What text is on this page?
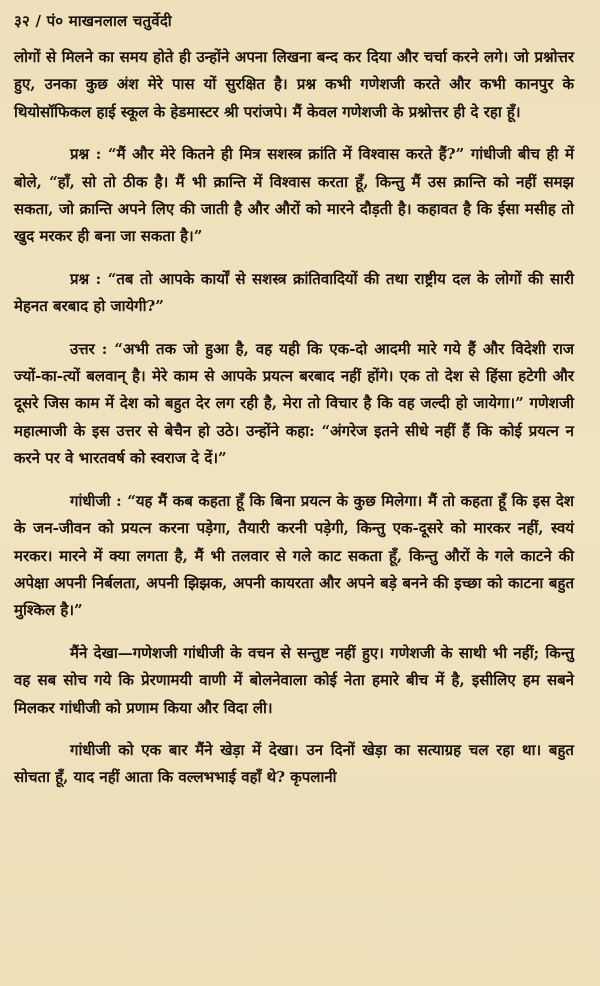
३२ / पं० माखनलाल चतुर्वेदी

लोगों से मिलने का समय होते ही उन्होंने अपना लिखना बन्द कर दिया और चर्चा करने लगे। जो प्रश्नोत्तर हुए, उनका कुछ अंश मेरे पास यों सुरक्षित है। प्रश्न कभी गणेशजी करते और कभी कानपुर के थियोसॉफिकल हाई स्कूल के हेडमास्टर श्री परांजपे। मैं केवल गणेशजी के प्रश्नोत्तर ही दे रहा हूँ।

प्रश्न : “मैं और मेरे कितने ही मित्र सशस्त्र क्रांति में विश्वास करते हैं?” गांधीजी बीच ही में बोले, “हाँ, सो तो ठीक है। मैं भी क्रान्ति में विश्वास करता हूँ, किन्तु मैं उस क्रान्ति को नहीं समझ सकता, जो क्रान्ति अपने लिए की जाती है और औरों को मारने दौड़ती है। कहावत है कि ईसा मसीह तो खुद मरकर ही बना जा सकता है।”

प्रश्न : “तब तो आपके कार्यों से सशस्त्र क्रांतिवादियों की तथा राष्ट्रीय दल के लोगों की सारी मेहनत बरबाद हो जायेगी?”

उत्तर : “अभी तक जो हुआ है, वह यही कि एक-दो आदमी मारे गये हैं और विदेशी राज ज्यों-का-त्यों बलवान् है। मेरे काम से आपके प्रयत्न बरबाद नहीं होंगे। एक तो देश से हिंसा हटेगी और दूसरे जिस काम में देश को बहुत देर लग रही है, मेरा तो विचार है कि वह जल्दी हो जायेगा।” गणेशजी महात्माजी के इस उत्तर से बेचैन हो उठे। उन्होंने कहा: “अंगरेज इतने सीधे नहीं हैं कि कोई प्रयत्न न करने पर वे भारतवर्ष को स्वराज दे दें।”

गांधीजी : “यह मैं कब कहता हूँ कि बिना प्रयत्न के कुछ मिलेगा। मैं तो कहता हूँ कि इस देश के जन-जीवन को प्रयत्न करना पड़ेगा, तैयारी करनी पड़ेगी, किन्तु एक-दूसरे को मारकर नहीं, स्वयं मरकर। मारने में क्या लगता है, मैं भी तलवार से गले काट सकता हूँ, किन्तु औरों के गले काटने की अपेक्षा अपनी निर्बलता, अपनी झिझक, अपनी कायरता और अपने बड़े बनने की इच्छा को काटना बहुत मुश्किल है।”

मैंने देखा—गणेशजी गांधीजी के वचन से सन्तुष्ट नहीं हुए। गणेशजी के साथी भी नहीं; किन्तु वह सब सोच गये कि प्रेरणामयी वाणी में बोलनेवाला कोई नेता हमारे बीच में है, इसीलिए हम सबने मिलकर गांधीजी को प्रणाम किया और विदा ली।

गांधीजी को एक बार मैंने खेड़ा में देखा। उन दिनों खेड़ा का सत्याग्रह चल रहा था। बहुत सोचता हूँ, याद नहीं आता कि वल्लभभाई वहाँ थे? कृपलानी
